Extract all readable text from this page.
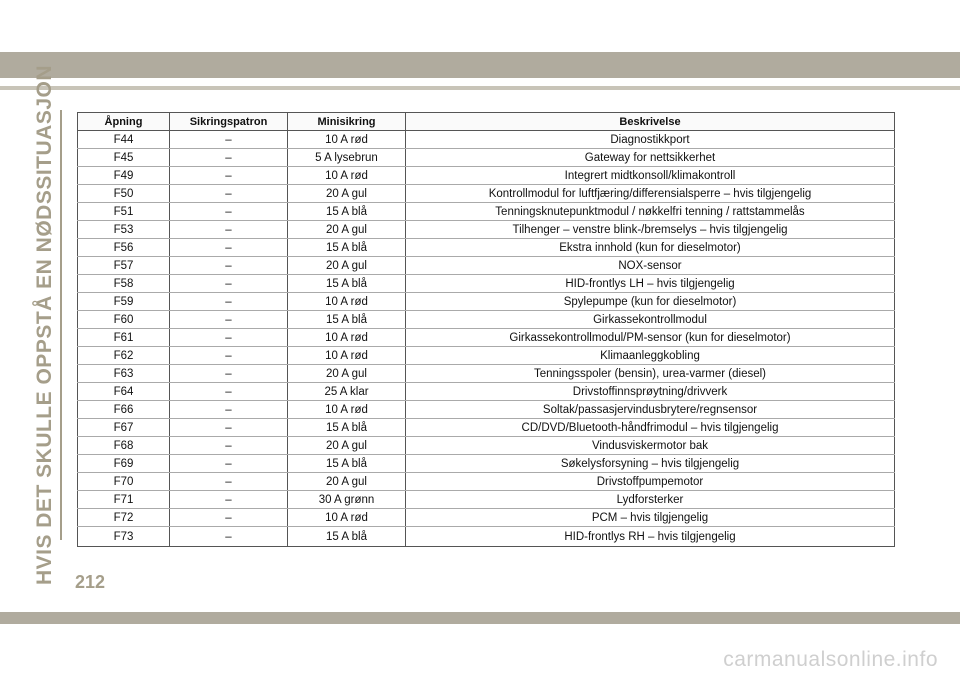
HVIS DET SKULLE OPPSTÅ EN NØDSSITUASJON	Åpning	Sikringspatron	Minisikring	Beskrivelse
F44	–	10 A rød	Diagnostikkport
F45	–	5 A lysebrun	Gateway for nettsikkerhet
F49	–	10 A rød	Integrert midtkonsoll/klimakontroll
F50	–	20 A gul	Kontrollmodul for luftfjæring/differensialsperre – hvis tilgjengelig
F51	–	15 A blå	Tenningsknutepunktmodul / nøkkelfri tenning / rattstammelås
F53	–	20 A gul	Tilhenger – venstre blink-/bremselys – hvis tilgjengelig
F56	–	15 A blå	Ekstra innhold (kun for dieselmotor)
F57	–	20 A gul	NOX-sensor
F58	–	15 A blå	HID-frontlys LH – hvis tilgjengelig
F59	–	10 A rød	Spylepumpe (kun for dieselmotor)
F60	–	15 A blå	Girkassekontrollmodul
F61	–	10 A rød	Girkassekontrollmodul/PM-sensor (kun for dieselmotor)
F62	–	10 A rød	Klimaanleggkobling
F63	–	20 A gul	Tenningsspoler (bensin), urea-varmer (diesel)
F64	–	25 A klar	Drivstoffinnsprøytning/drivverk
F66	–	10 A rød	Soltak/passasjervindusbrytere/regnsensor
F67	–	15 A blå	CD/DVD/Bluetooth-håndfrimodul – hvis tilgjengelig
F68	–	20 A gul	Vindusviskermotor bak
F69	–	15 A blå	Søkelysforsyning – hvis tilgjengelig
F70	–	20 A gul	Drivstoffpumpemotor
F71	–	30 A grønn	Lydforsterker
F72	–	10 A rød	PCM – hvis tilgjengelig
F73	–	15 A blå	HID-frontlys RH – hvis tilgjengelig
212
carmanualsonline.info
